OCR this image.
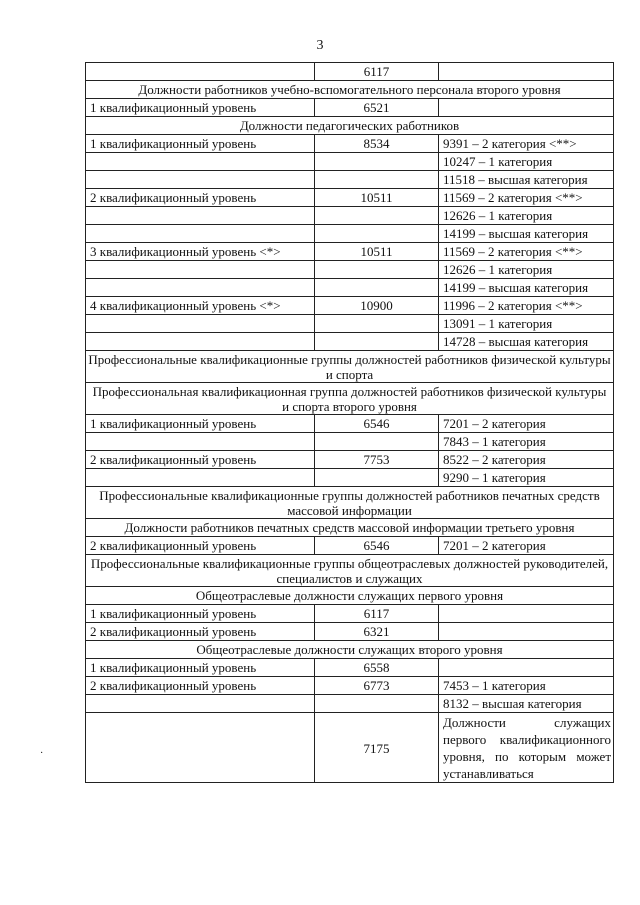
3
	6117	
Должности работников учебно-вспомогательного персонала второго уровня		
1 квалификационный уровень	6521	
Должности педагогических работников		
1 квалификационный уровень	8534	9391 – 2 категория <**>
		10247 – 1 категория
		11518 – высшая категория
2 квалификационный уровень	10511	11569 – 2 категория <**>
		12626 – 1 категория
		14199 – высшая категория
3 квалификационный уровень <*>	10511	11569 – 2 категория <**>
		12626 – 1 категория
		14199 – высшая категория
4 квалификационный уровень <*>	10900	11996 – 2 категория <**>
		13091 – 1 категория
		14728 – высшая категория
Профессиональные квалификационные группы должностей работников физической культуры и спорта		
Профессиональная квалификационная группа должностей работников физической культуры и спорта второго уровня		
1 квалификационный уровень	6546	7201 – 2 категория
		7843 – 1 категория
2 квалификационный уровень	7753	8522 – 2 категория
		9290 – 1 категория
Профессиональные квалификационные группы должностей работников печатных средств массовой информации		
Должности работников печатных средств массовой информации третьего уровня		
2 квалификационный уровень	6546	7201 – 2 категория
Профессиональные квалификационные группы общеотраслевых должностей руководителей, специалистов и служащих		
Общеотраслевые должности служащих первого уровня		
1 квалификационный уровень	6117	
2 квалификационный уровень	6321	
Общеотраслевые должности служащих второго уровня		
1 квалификационный уровень	6558	
2 квалификационный уровень	6773	7453 – 1 категория
		8132 – высшая категория
	7175	Должности служащих первого квалификационного уровня, по которым может устанавливаться
·
